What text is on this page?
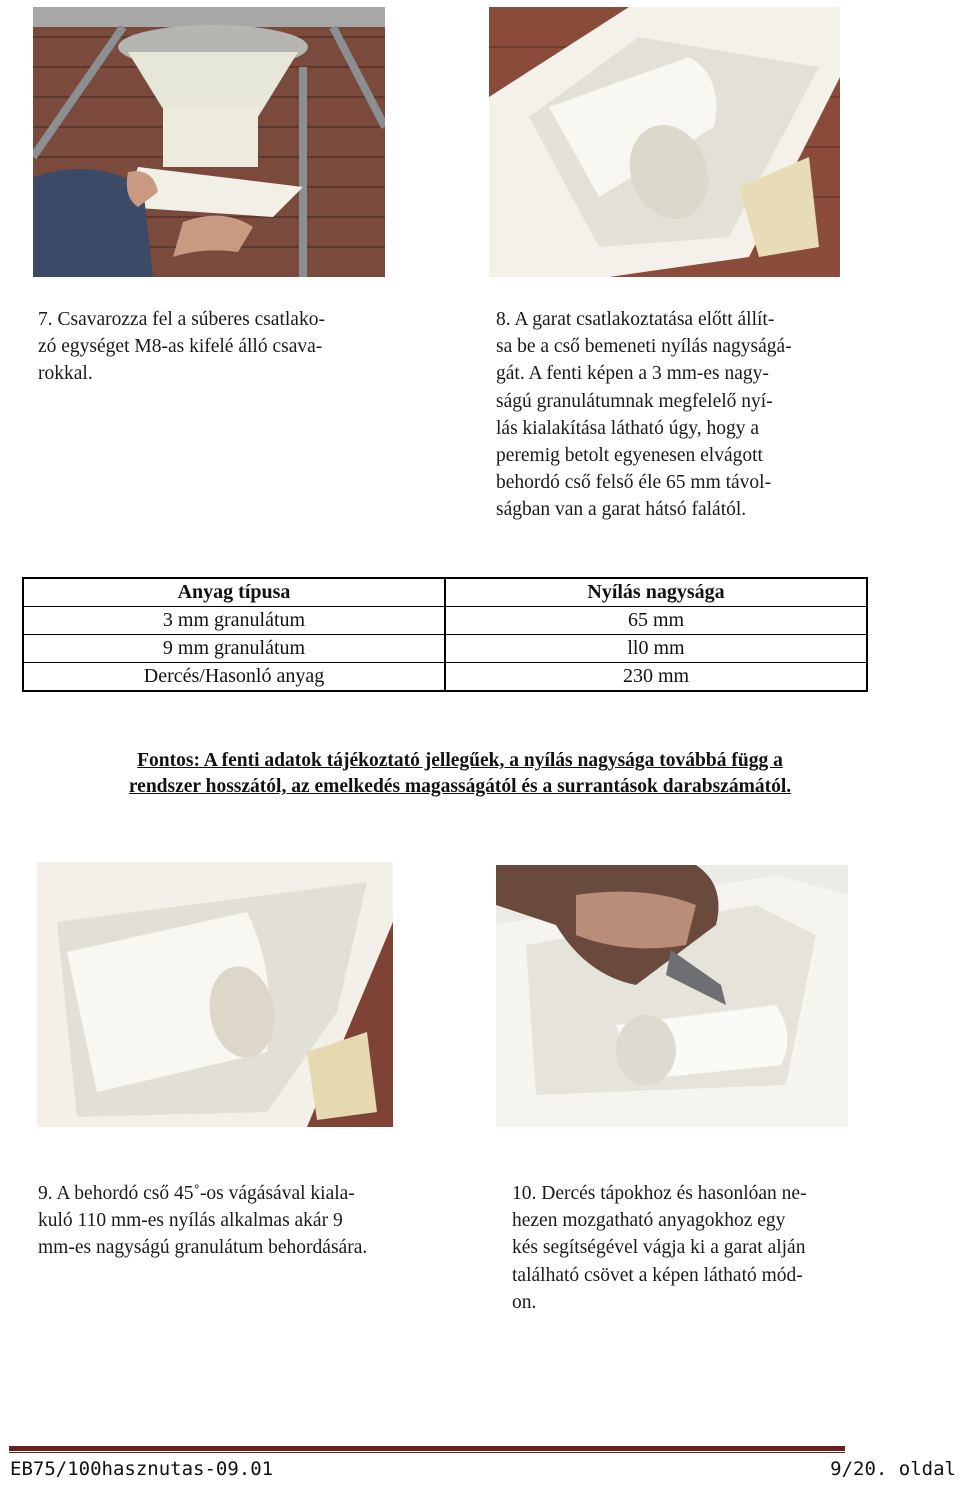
7. Csavarozza fel a súberes csatlako-
zó egységet M8-as kifelé álló csava-
rokkal.
8. A garat csatlakoztatása előtt állít-
sa be a cső bemeneti nyílás nagyságá-
gát. A fenti képen a 3 mm-es nagy-
ságú granulátumnak megfelelő nyí-
lás kialakítása látható úgy, hogy a
peremig betolt egyenesen elvágott
behordó cső felső éle 65 mm távol-
ságban van a garat hátsó falától.
Anyag típusa	Nyílás nagysága
3 mm granulátum	65 mm
9 mm granulátum	ll0 mm
Dercés/Hasonló anyag	230 mm
Fontos: A fenti adatok tájékoztató jellegűek, a nyílás nagysága továbbá függ a
rendszer hosszától, az emelkedés magasságától és a surrantások darabszámától.
9. A behordó cső 45˚-os vágásával kiala-
kuló 110 mm-es nyílás alkalmas akár 9
mm-es nagyságú granulátum behordására.
10. Dercés tápokhoz és hasonlóan ne-
hezen mozgatható anyagokhoz egy
kés segítségével vágja ki a garat alján
található csövet a képen látható mód-
on.
EB75/100hasznutas-09.01	9/20. oldal
